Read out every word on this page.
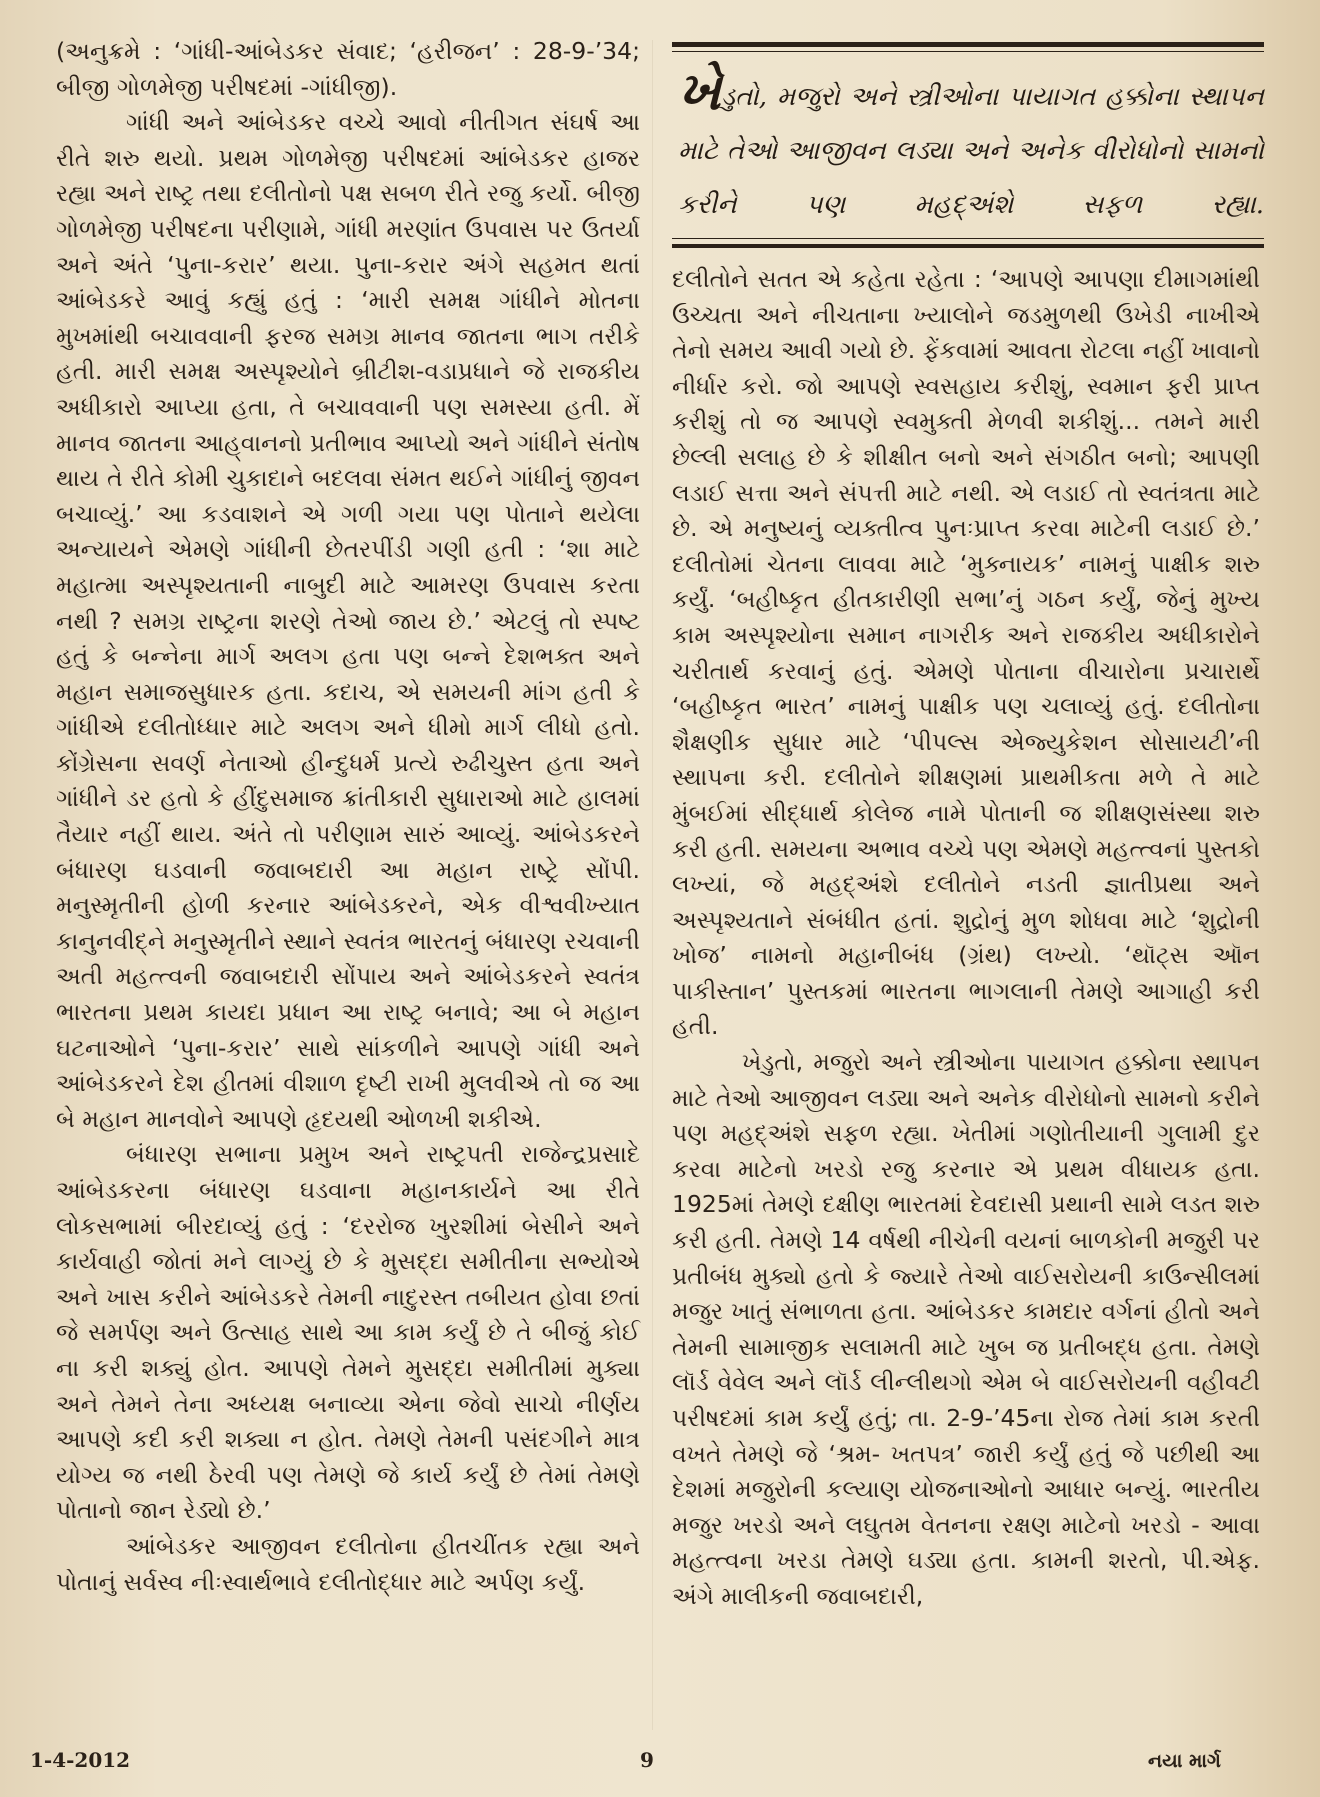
(અનુક્રમે : ‘ગાંધી-આંબેડકર સંવાદ; ‘હરીજન’ : 28-9-’34; બીજી ગોળમેજી પરીષદમાં -ગાંધીજી).

ગાંધી અને આંબેડકર વચ્ચે આવો નીતીગત સંઘર્ષ આ રીતે શરુ થયો. પ્રથમ ગોળમેજી પરીષદમાં આંબેડકર હાજર રહ્યા અને રાષ્ટ્ર તથા દલીતોનો પક્ષ સબળ રીતે રજુ કર્યો. બીજી ગોળમેજી પરીષદના પરીણામે, ગાંધી મરણાંત ઉપવાસ પર ઉતર્યા અને અંતે ‘પુના-કરાર’ થયા. પુના-કરાર અંગે સહમત થતાં આંબેડકરે આવું કહ્યું હતું : ‘મારી સમક્ષ ગાંધીને મોતના મુખમાંથી બચાવવાની ફરજ સમગ્ર માનવ જાતના ભાગ તરીકે હતી. મારી સમક્ષ અસ્પૃશ્યોને બ્રીટીશ-વડાપ્રધાને જે રાજકીય અધીકારો આપ્યા હતા, તે બચાવવાની પણ સમસ્યા હતી. મેં માનવ જાતના આહ્‌વાનનો પ્રતીભાવ આપ્યો અને ગાંધીને સંતોષ થાય તે રીતે કોમી ચુકાદાને બદલવા સંમત થઈને ગાંધીનું જીવન બચાવ્યું.’ આ કડવાશને એ ગળી ગયા પણ પોતાને થયેલા અન્યાયને એમણે ગાંધીની છેતરપીંડી ગણી હતી : ‘શા માટે મહાત્મા અસ્પૃશ્યતાની નાબુદી માટે આમરણ ઉપવાસ કરતા નથી ? સમગ્ર રાષ્ટ્રના શરણે તેઓ જાય છે.’ એટલું તો સ્પષ્ટ હતું કે બન્નેના માર્ગ અલગ હતા પણ બન્ને દેશભક્ત અને મહાન સમાજસુધારક હતા. કદાચ, એ સમયની માંગ હતી કે ગાંધીએ દલીતોધ્ધાર માટે અલગ અને ધીમો માર્ગ લીધો હતો. કોંગ્રેસના સવર્ણ નેતાઓ હીન્દુધર્મ પ્રત્યે રુઢીચુસ્ત હતા અને ગાંધીને ડર હતો કે હીંદુસમાજ ક્રાંતીકારી સુધારાઓ માટે હાલમાં તૈયાર નહીં થાય. અંતે તો પરીણામ સારું આવ્યું. આંબેડકરને બંધારણ ઘડવાની જવાબદારી આ મહાન રાષ્ટ્રે સોંપી. મનુસ્મૃતીની હોળી કરનાર આંબેડકરને, એક વીશ્વવીખ્યાત કાનુનવીદ્‌ને મનુસ્મૃતીને સ્થાને સ્વતંત્ર ભારતનું બંધારણ રચવાની અતી મહત્ત્વની જવાબદારી સોંપાય અને આંબેડકરને સ્વતંત્ર ભારતના પ્રથમ કાયદા પ્રધાન આ રાષ્ટ્ર બનાવે; આ બે મહાન ઘટનાઓને ‘પુના-કરાર’ સાથે સાંકળીને આપણે ગાંધી અને આંબેડકરને દેશ હીતમાં વીશાળ દૃષ્ટી રાખી મુલવીએ તો જ આ બે મહાન માનવોને આપણે હૃદયથી ઓળખી શકીએ.

બંધારણ સભાના પ્રમુખ અને રાષ્ટ્રપતી રાજેન્દ્રપ્રસાદે આંબેડકરના બંધારણ ઘડવાના મહાનકાર્યને આ રીતે લોકસભામાં બીરદાવ્યું હતું : ‘દરરોજ ખુરશીમાં બેસીને અને કાર્યવાહી જોતાં મને લાગ્યું છે કે મુસદ્દા સમીતીના સભ્યોએ અને ખાસ કરીને આંબેડકરે તેમની નાદુરસ્ત તબીયત હોવા છતાં જે સમર્પણ અને ઉત્સાહ સાથે આ કામ કર્યું છે તે બીજું કોઈ ના કરી શક્યું હોત. આપણે તેમને મુસદ્દા સમીતીમાં મુક્યા અને તેમને તેના અધ્યક્ષ બનાવ્યા એના જેવો સાચો નીર્ણય આપણે કદી કરી શક્યા ન હોત. તેમણે તેમની પસંદગીને માત્ર યોગ્ય જ નથી ઠેરવી પણ તેમણે જે કાર્ય કર્યું છે તેમાં તેમણે પોતાનો જાન રેડ્યો છે.’

આંબેડકર આજીવન દલીતોના હીતચીંતક રહ્યા અને પોતાનું સર્વસ્વ નીઃસ્વાર્થભાવે દલીતોદ્ધાર માટે અર્પણ કર્યું.

ખેડુતો, મજુરો અને સ્ત્રીઓના પાયાગત હક્કોના સ્થાપન માટે તેઓ આજીવન લડ્યા અને અનેક વીરોધોનો સામનો કરીને પણ મહદ્‌અંશે સફળ રહ્યા.

દલીતોને સતત એ કહેતા રહેતા : ‘આપણે આપણા દીમાગમાંથી ઉચ્ચતા અને નીચતાના ખ્યાલોને જડમુળથી ઉખેડી નાખીએ તેનો સમય આવી ગયો છે. ફેંકવામાં આવતા રોટલા નહીં ખાવાનો નીર્ધાર કરો. જો આપણે સ્વસહાય કરીશું, સ્વમાન ફરી પ્રાપ્ત કરીશું તો જ આપણે સ્વમુક્તી મેળવી શકીશું... તમને મારી છેલ્લી સલાહ છે કે શીક્ષીત બનો અને સંગઠીત બનો; આપણી લડાઈ સત્તા અને સંપત્તી માટે નથી. એ લડાઈ તો સ્વતંત્રતા માટે છે. એ મનુષ્યનું વ્યક્તીત્વ પુનઃપ્રાપ્ત કરવા માટેની લડાઈ છે.’ દલીતોમાં ચેતના લાવવા માટે ‘મુક્નાયક’ નામનું પાક્ષીક શરુ કર્યું. ‘બહીષ્કૃત હીતકારીણી સભા’નું ગઠન કર્યું, જેનું મુખ્ય કામ અસ્પૃશ્યોના સમાન નાગરીક અને રાજકીય અધીકારોને ચરીતાર્થ કરવાનું હતું. એમણે પોતાના વીચારોના પ્રચારાર્થે ‘બહીષ્કૃત ભારત’ નામનું પાક્ષીક પણ ચલાવ્યું હતું. દલીતોના શૈક્ષણીક સુધાર માટે ‘પીપલ્સ એજ્યુકેશન સોસાયટી’ની સ્થાપના કરી. દલીતોને શીક્ષણમાં પ્રાથમીકતા મળે તે માટે મુંબઈમાં સીદ્ધાર્થ કોલેજ નામે પોતાની જ શીક્ષણસંસ્થા શરુ કરી હતી. સમયના અભાવ વચ્ચે પણ એમણે મહત્ત્વનાં પુસ્તકો લખ્યાં, જે મહદ્‌અંશે દલીતોને નડતી જ્ઞાતીપ્રથા અને અસ્પૃશ્યતાને સંબંધીત હતાં. શુદ્રોનું મુળ શોધવા માટે ‘શુદ્રોની ખોજ’ નામનો મહાનીબંધ (ગ્રંથ) લખ્યો. ‘થૉટ્સ ઑન પાકીસ્તાન’ પુસ્તકમાં ભારતના ભાગલાની તેમણે આગાહી કરી હતી.

ખેડુતો, મજુરો અને સ્ત્રીઓના પાયાગત હક્કોના સ્થાપન માટે તેઓ આજીવન લડ્યા અને અનેક વીરોધોનો સામનો કરીને પણ મહદ્‌અંશે સફળ રહ્યા. ખેતીમાં ગણોતીયાની ગુલામી દુર કરવા માટેનો ખરડો રજુ કરનાર એ પ્રથમ વીધાયક હતા. 1925માં તેમણે દક્ષીણ ભારતમાં દેવદાસી પ્રથાની સામે લડત શરુ કરી હતી. તેમણે 14 વર્ષથી નીચેની વયનાં બાળકોની મજુરી પર પ્રતીબંધ મુક્યો હતો કે જ્યારે તેઓ વાઈસરોયની કાઉન્સીલમાં મજુર ખાતું સંભાળતા હતા. આંબેડકર કામદાર વર્ગનાં હીતો અને તેમની સામાજીક સલામતી માટે ખુબ જ પ્રતીબદ્ધ હતા. તેમણે લૉર્ડ વેવેલ અને લૉર્ડ લીન્લીથગો એમ બે વાઈસરોયની વહીવટી પરીષદમાં કામ કર્યું હતું; તા. 2-9-’45ના રોજ તેમાં કામ કરતી વખતે તેમણે જે ‘શ્રમ- ખતપત્ર’ જારી કર્યું હતું જે પછીથી આ દેશમાં મજુરોની કલ્યાણ યોજનાઓનો આધાર બન્યું. ભારતીય મજુર ખરડો અને લઘુતમ વેતનના રક્ષણ માટેનો ખરડો - આવા મહત્ત્વના ખરડા તેમણે ઘડ્યા હતા. કામની શરતો, પી.એફ. અંગે માલીકની જવાબદારી,

1-4-2012	9	નયા માર્ગ
